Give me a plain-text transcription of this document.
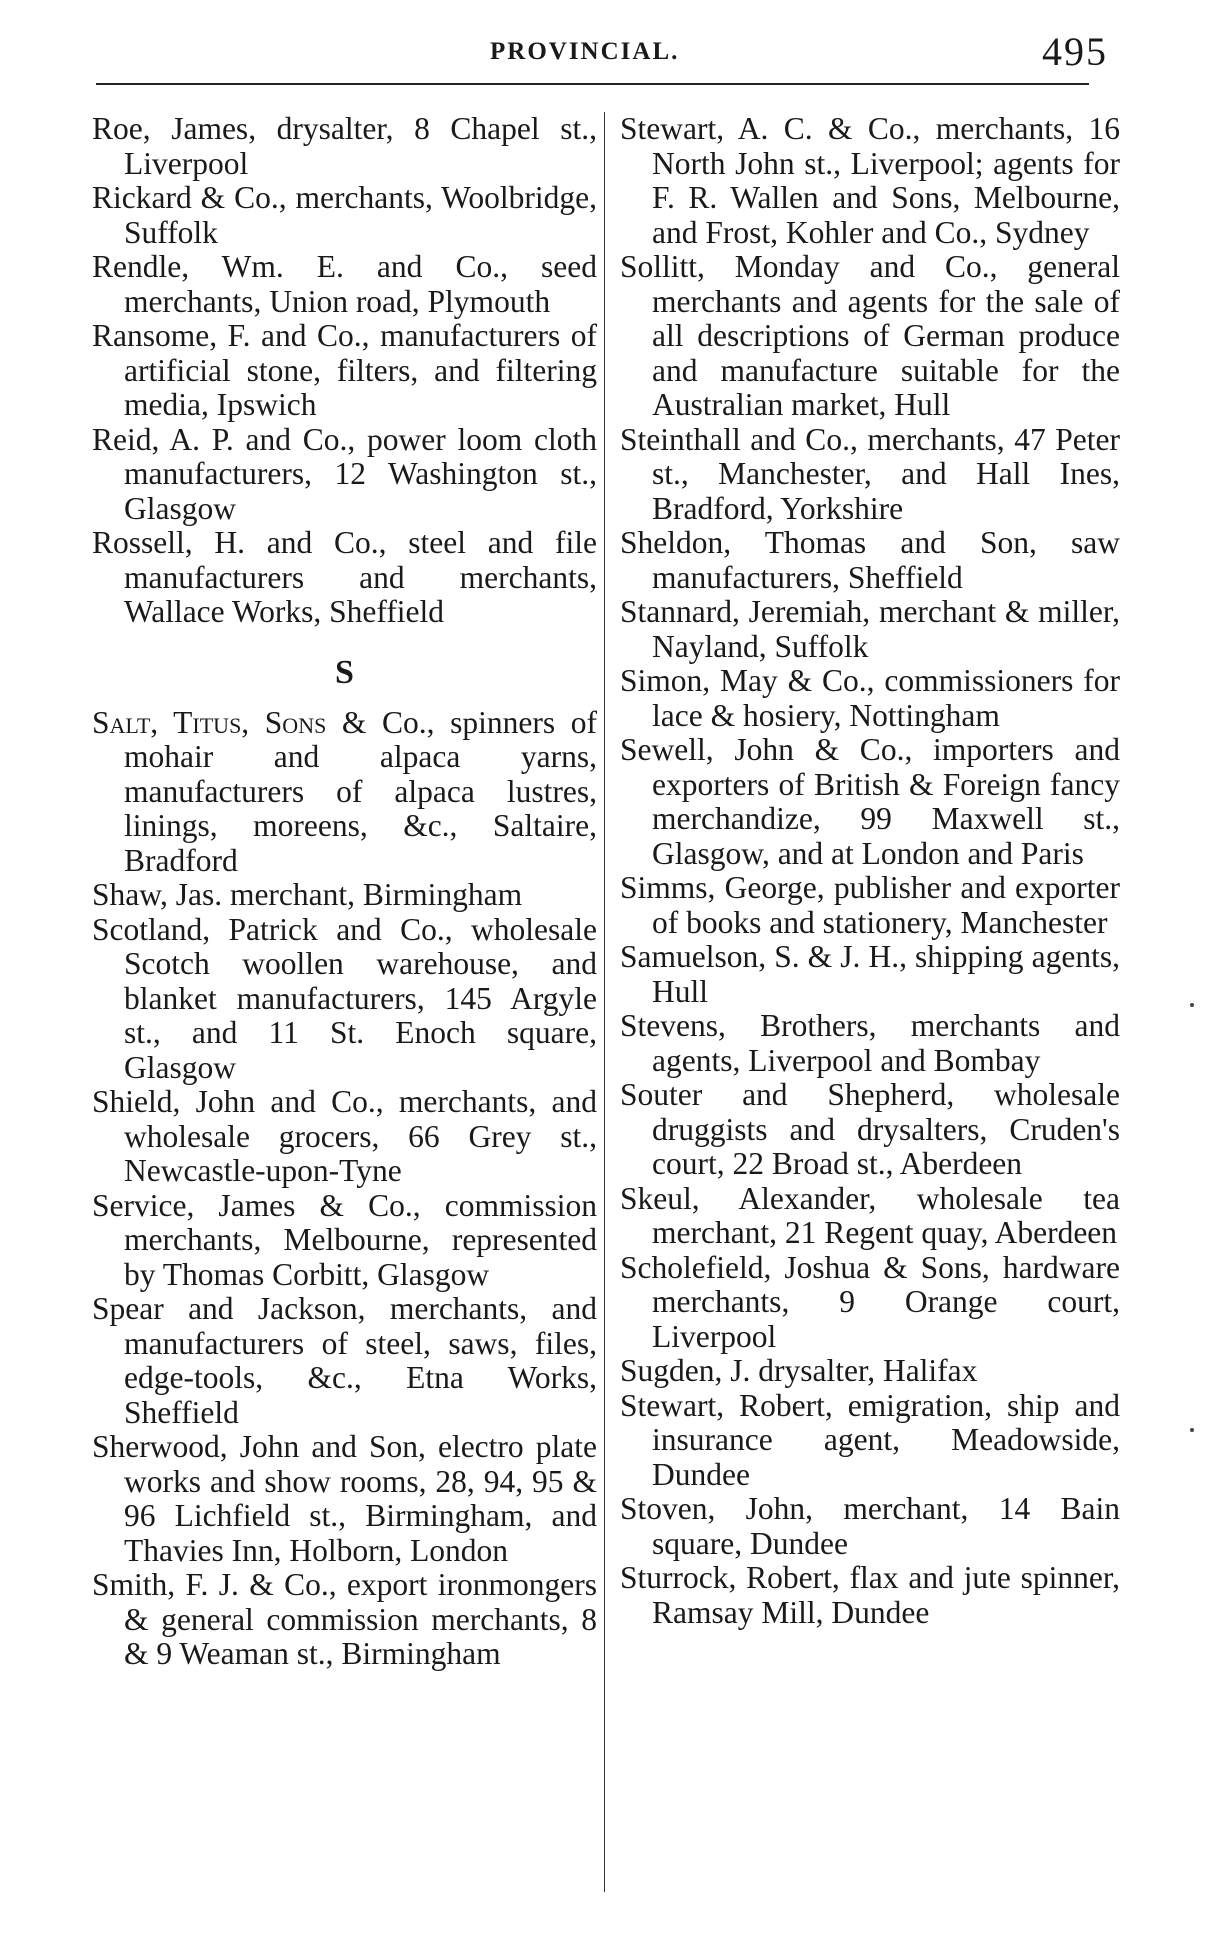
PROVINCIAL.	495

Roe, James, drysalter, 8 Chapel st., Liverpool

Rickard & Co., merchants, Woolbridge, Suffolk

Rendle, Wm. E. and Co., seed merchants, Union road, Plymouth

Ransome, F. and Co., manufacturers of artificial stone, filters, and filtering media, Ipswich

Reid, A. P. and Co., power loom cloth manufacturers, 12 Washington st., Glasgow

Rossell, H. and Co., steel and file manufacturers and merchants, Wallace Works, Sheffield

S

Salt, Titus, Sons & Co., spinners of mohair and alpaca yarns, manufacturers of alpaca lustres, linings, moreens, &c., Saltaire, Bradford

Shaw, Jas. merchant, Birmingham

Scotland, Patrick and Co., wholesale Scotch woollen warehouse, and blanket manufacturers, 145 Argyle st., and 11 St. Enoch square, Glasgow

Shield, John and Co., merchants, and wholesale grocers, 66 Grey st., Newcastle-upon-Tyne

Service, James & Co., commission merchants, Melbourne, represented by Thomas Corbitt, Glasgow

Spear and Jackson, merchants, and manufacturers of steel, saws, files, edge-tools, &c., Etna Works, Sheffield

Sherwood, John and Son, electro plate works and show rooms, 28, 94, 95 & 96 Lichfield st., Birmingham, and Thavies Inn, Holborn, London

Smith, F. J. & Co., export ironmongers & general commission merchants, 8 & 9 Weaman st., Birmingham

Stewart, A. C. & Co., merchants, 16 North John st., Liverpool; agents for F. R. Wallen and Sons, Melbourne, and Frost, Kohler and Co., Sydney

Sollitt, Monday and Co., general merchants and agents for the sale of all descriptions of German produce and manufacture suitable for the Australian market, Hull

Steinthall and Co., merchants, 47 Peter st., Manchester, and Hall Ines, Bradford, Yorkshire

Sheldon, Thomas and Son, saw manufacturers, Sheffield

Stannard, Jeremiah, merchant & miller, Nayland, Suffolk

Simon, May & Co., commissioners for lace & hosiery, Nottingham

Sewell, John & Co., importers and exporters of British & Foreign fancy merchandize, 99 Maxwell st., Glasgow, and at London and Paris

Simms, George, publisher and exporter of books and stationery, Manchester

Samuelson, S. & J. H., shipping agents, Hull

Stevens, Brothers, merchants and agents, Liverpool and Bombay

Souter and Shepherd, wholesale druggists and drysalters, Cruden's court, 22 Broad st., Aberdeen

Skeul, Alexander, wholesale tea merchant, 21 Regent quay, Aberdeen

Scholefield, Joshua & Sons, hardware merchants, 9 Orange court, Liverpool

Sugden, J. drysalter, Halifax

Stewart, Robert, emigration, ship and insurance agent, Meadowside, Dundee

Stoven, John, merchant, 14 Bain square, Dundee

Sturrock, Robert, flax and jute spinner, Ramsay Mill, Dundee
